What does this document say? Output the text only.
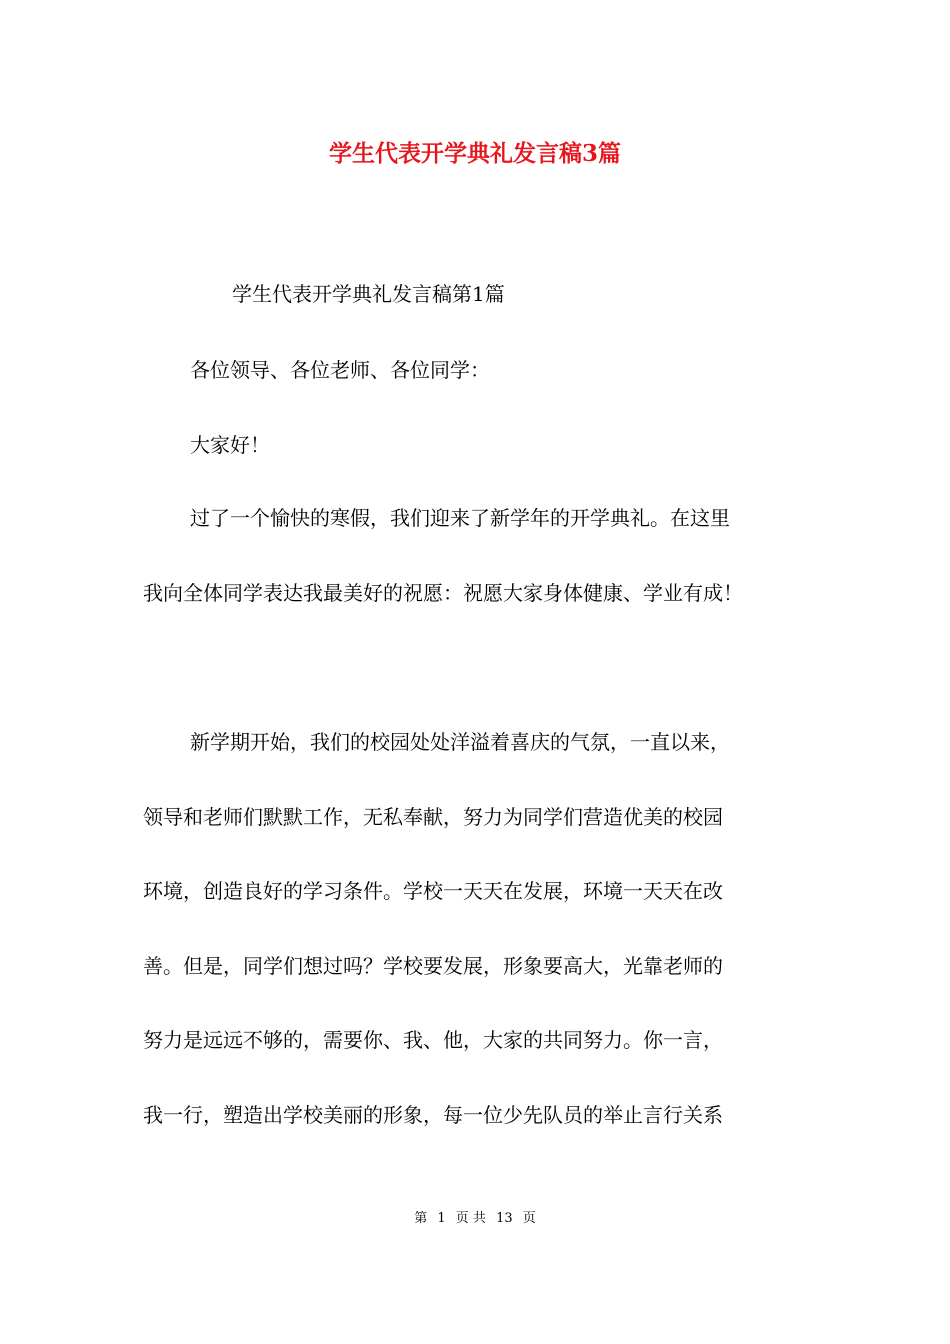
学生代表开学典礼发言稿3篇

学生代表开学典礼发言稿第1篇

各位领导、各位老师、各位同学：

大家好！

过了一个愉快的寒假，我们迎来了新学年的开学典礼。在这里

我向全体同学表达我最美好的祝愿：祝愿大家身体健康、学业有成！

新学期开始，我们的校园处处洋溢着喜庆的气氛，一直以来，

领导和老师们默默工作，无私奉献，努力为同学们营造优美的校园

环境，创造良好的学习条件。学校一天天在发展，环境一天天在改

善。但是，同学们想过吗？学校要发展，形象要高大，光靠老师的

努力是远远不够的，需要你、我、他，大家的共同努力。你一言，

我一行，塑造出学校美丽的形象，每一位少先队员的举止言行关系

第 1 页 共 13 页
